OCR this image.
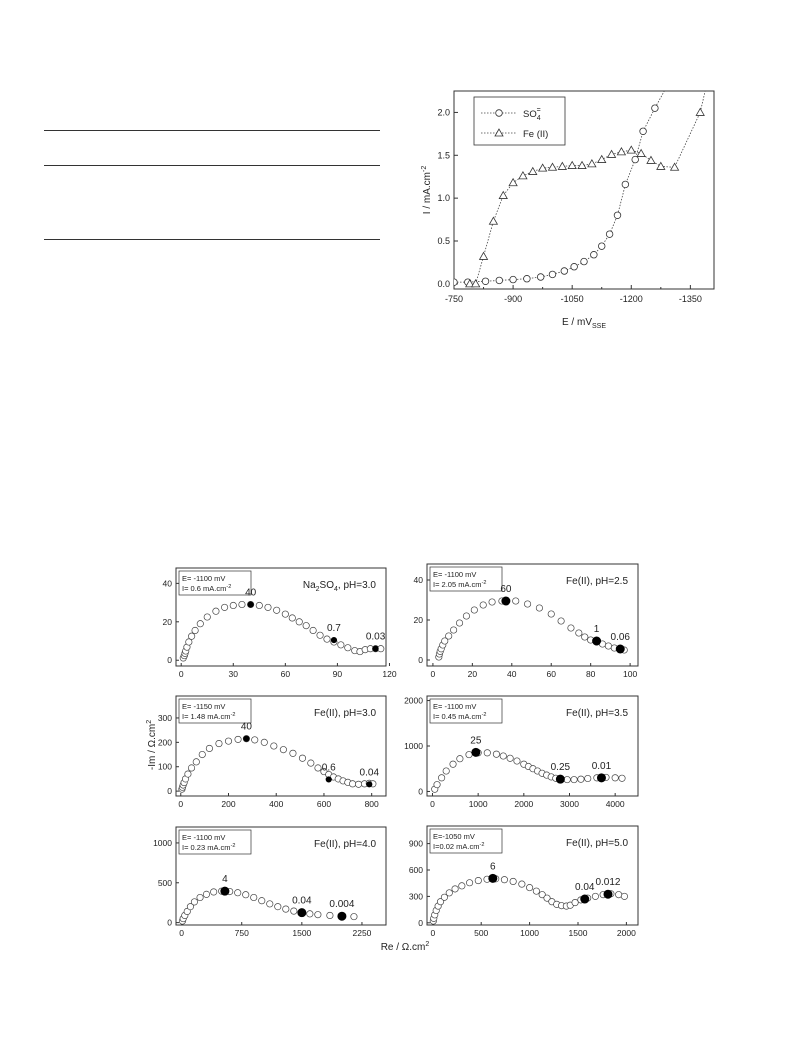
-750	-900	-1050	-1200	-1350
0.0
0.5
1.0
1.5
2.0
E / $mV_{SSE}$
I / $mA.cm^{-2}$
$SO_4=$
Fe (II)
0	30	60	90	120
0
20
40 E= -1100 mV
I= 0.6 $mA.cm^{-2}$	$Na_2SO_4$, pH=3.0
40
0.7
0.03
0	20	40	60	80	100
0
20
40
E= -1100 mV
I= 2.05 $mA.cm^{-2}$	Fe(II), pH=2.5
60
1
0.06
0	200	400	600	800
0
100
200
300
E= -1150 mV
I= 1.48 $mA.cm^{-2}$	Fe(II), pH=3.0
40
0.6 0.04
0	1000	2000	3000	4000
0
1000
2000
E= -1100 mV
I= 0.45 $mA.cm^{-2}$	Fe(II), pH=3.5
25
0.25 0.01
0	750	1500	2250
0
500
1000
E= -1100 mV
I= 0.23 $mA.cm^{-2}$	Fe(II), pH=4.0
4
0.04 0.004
0	500	1000	1500	2000
0
300
600
900
E=-1050 mV
I=0.02 $mA.cm^{-2}$	Fe(II), pH=5.0
6
0.04 0.012
Re / $\Omega.cm^2$
$-Im / \Omega.cm^2$
